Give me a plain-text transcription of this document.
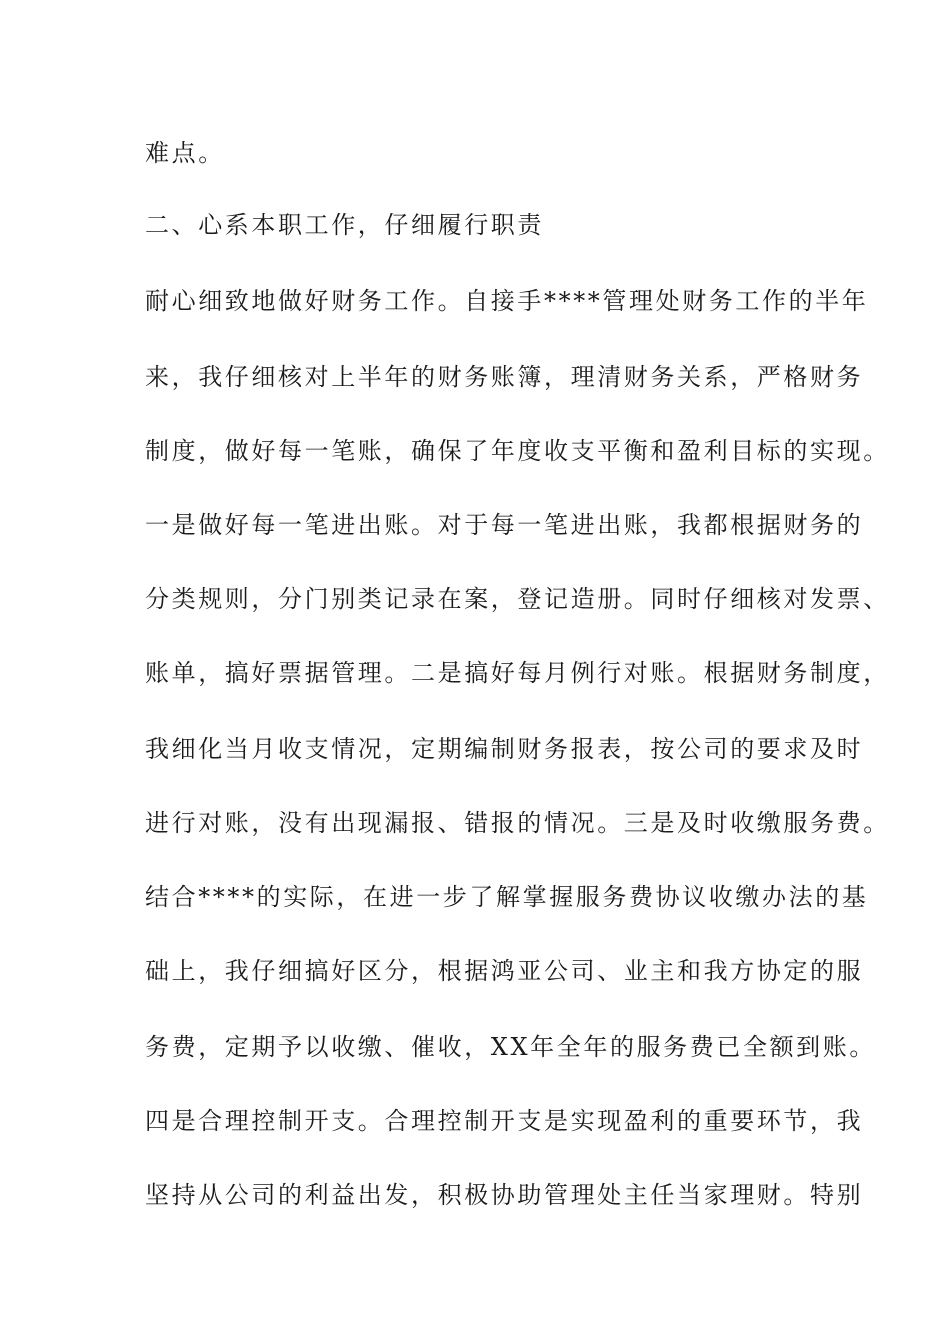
难点。
二、心系本职工作，仔细履行职责
耐心细致地做好财务工作。自接手****管理处财务工作的半年
来，我仔细核对上半年的财务账簿，理清财务关系，严格财务
制度，做好每一笔账，确保了年度收支平衡和盈利目标的实现。
一是做好每一笔进出账。对于每一笔进出账，我都根据财务的
分类规则，分门别类记录在案，登记造册。同时仔细核对发票、
账单，搞好票据管理。二是搞好每月例行对账。根据财务制度，
我细化当月收支情况，定期编制财务报表，按公司的要求及时
进行对账，没有出现漏报、错报的情况。三是及时收缴服务费。
结合****的实际，在进一步了解掌握服务费协议收缴办法的基
础上，我仔细搞好区分，根据鸿亚公司、业主和我方协定的服
务费，定期予以收缴、催收，XX年全年的服务费已全额到账。
四是合理控制开支。合理控制开支是实现盈利的重要环节，我
坚持从公司的利益出发，积极协助管理处主任当家理财。特别
